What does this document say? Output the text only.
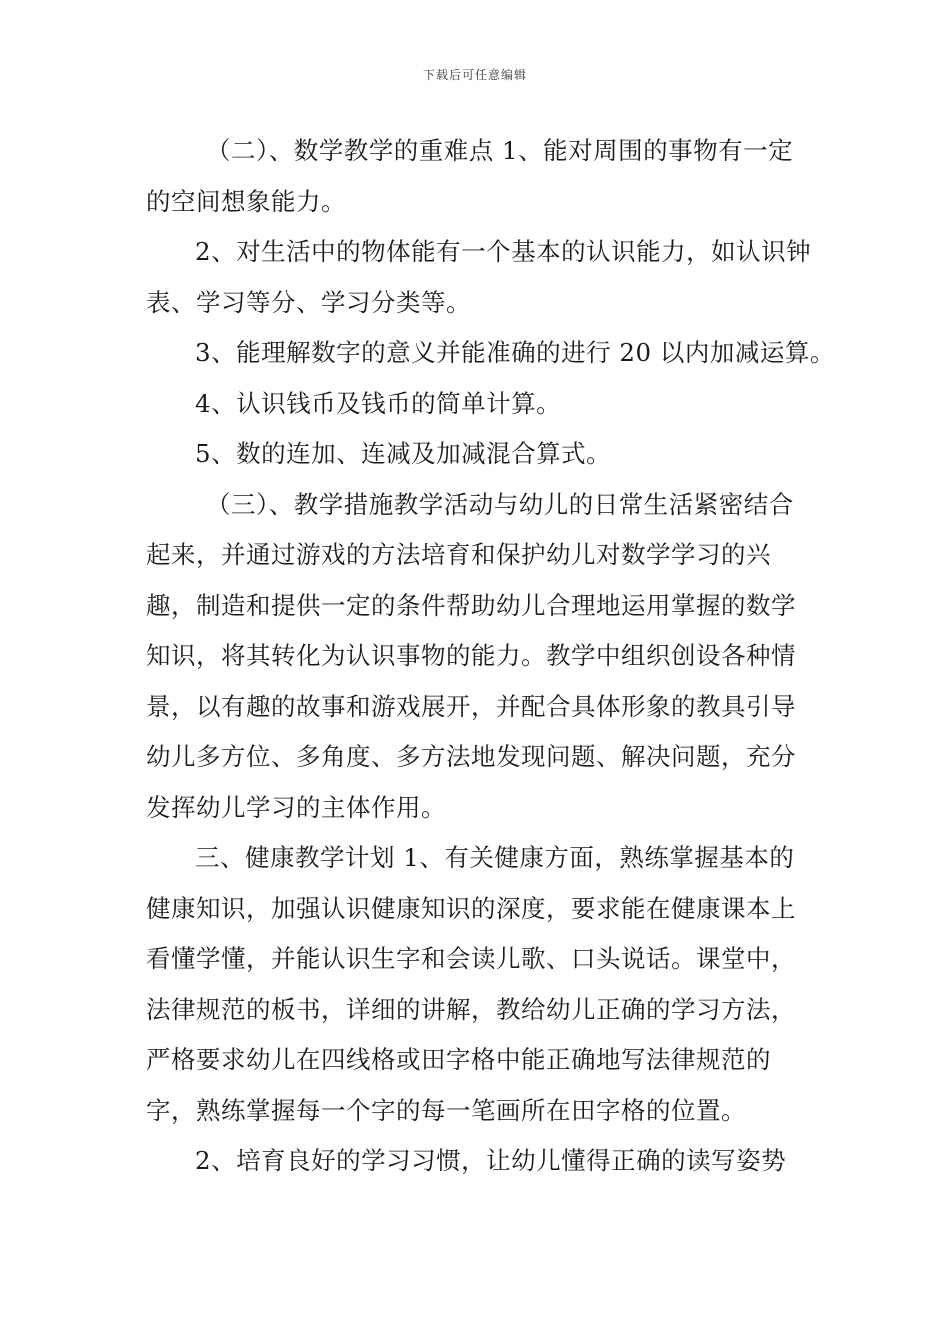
下载后可任意编辑

（二）、数学教学的重难点 1、能对周围的事物有一定的空间想象能力。

2、对生活中的物体能有一个基本的认识能力，如认识钟表、学习等分、学习分类等。

3、能理解数字的意义并能准确的进行 20 以内加减运算。

4、认识钱币及钱币的简单计算。

5、数的连加、连减及加减混合算式。

（三）、教学措施教学活动与幼儿的日常生活紧密结合起来，并通过游戏的方法培育和保护幼儿对数学学习的兴趣，制造和提供一定的条件帮助幼儿合理地运用掌握的数学知识，将其转化为认识事物的能力。教学中组织创设各种情景，以有趣的故事和游戏展开，并配合具体形象的教具引导幼儿多方位、多角度、多方法地发现问题、解决问题，充分发挥幼儿学习的主体作用。

三、健康教学计划 1、有关健康方面，熟练掌握基本的健康知识，加强认识健康知识的深度，要求能在健康课本上看懂学懂，并能认识生字和会读儿歌、口头说话。课堂中，法律规范的板书，详细的讲解，教给幼儿正确的学习方法，严格要求幼儿在四线格或田字格中能正确地写法律规范的字，熟练掌握每一个字的每一笔画所在田字格的位置。

2、培育良好的学习习惯，让幼儿懂得正确的读写姿势
